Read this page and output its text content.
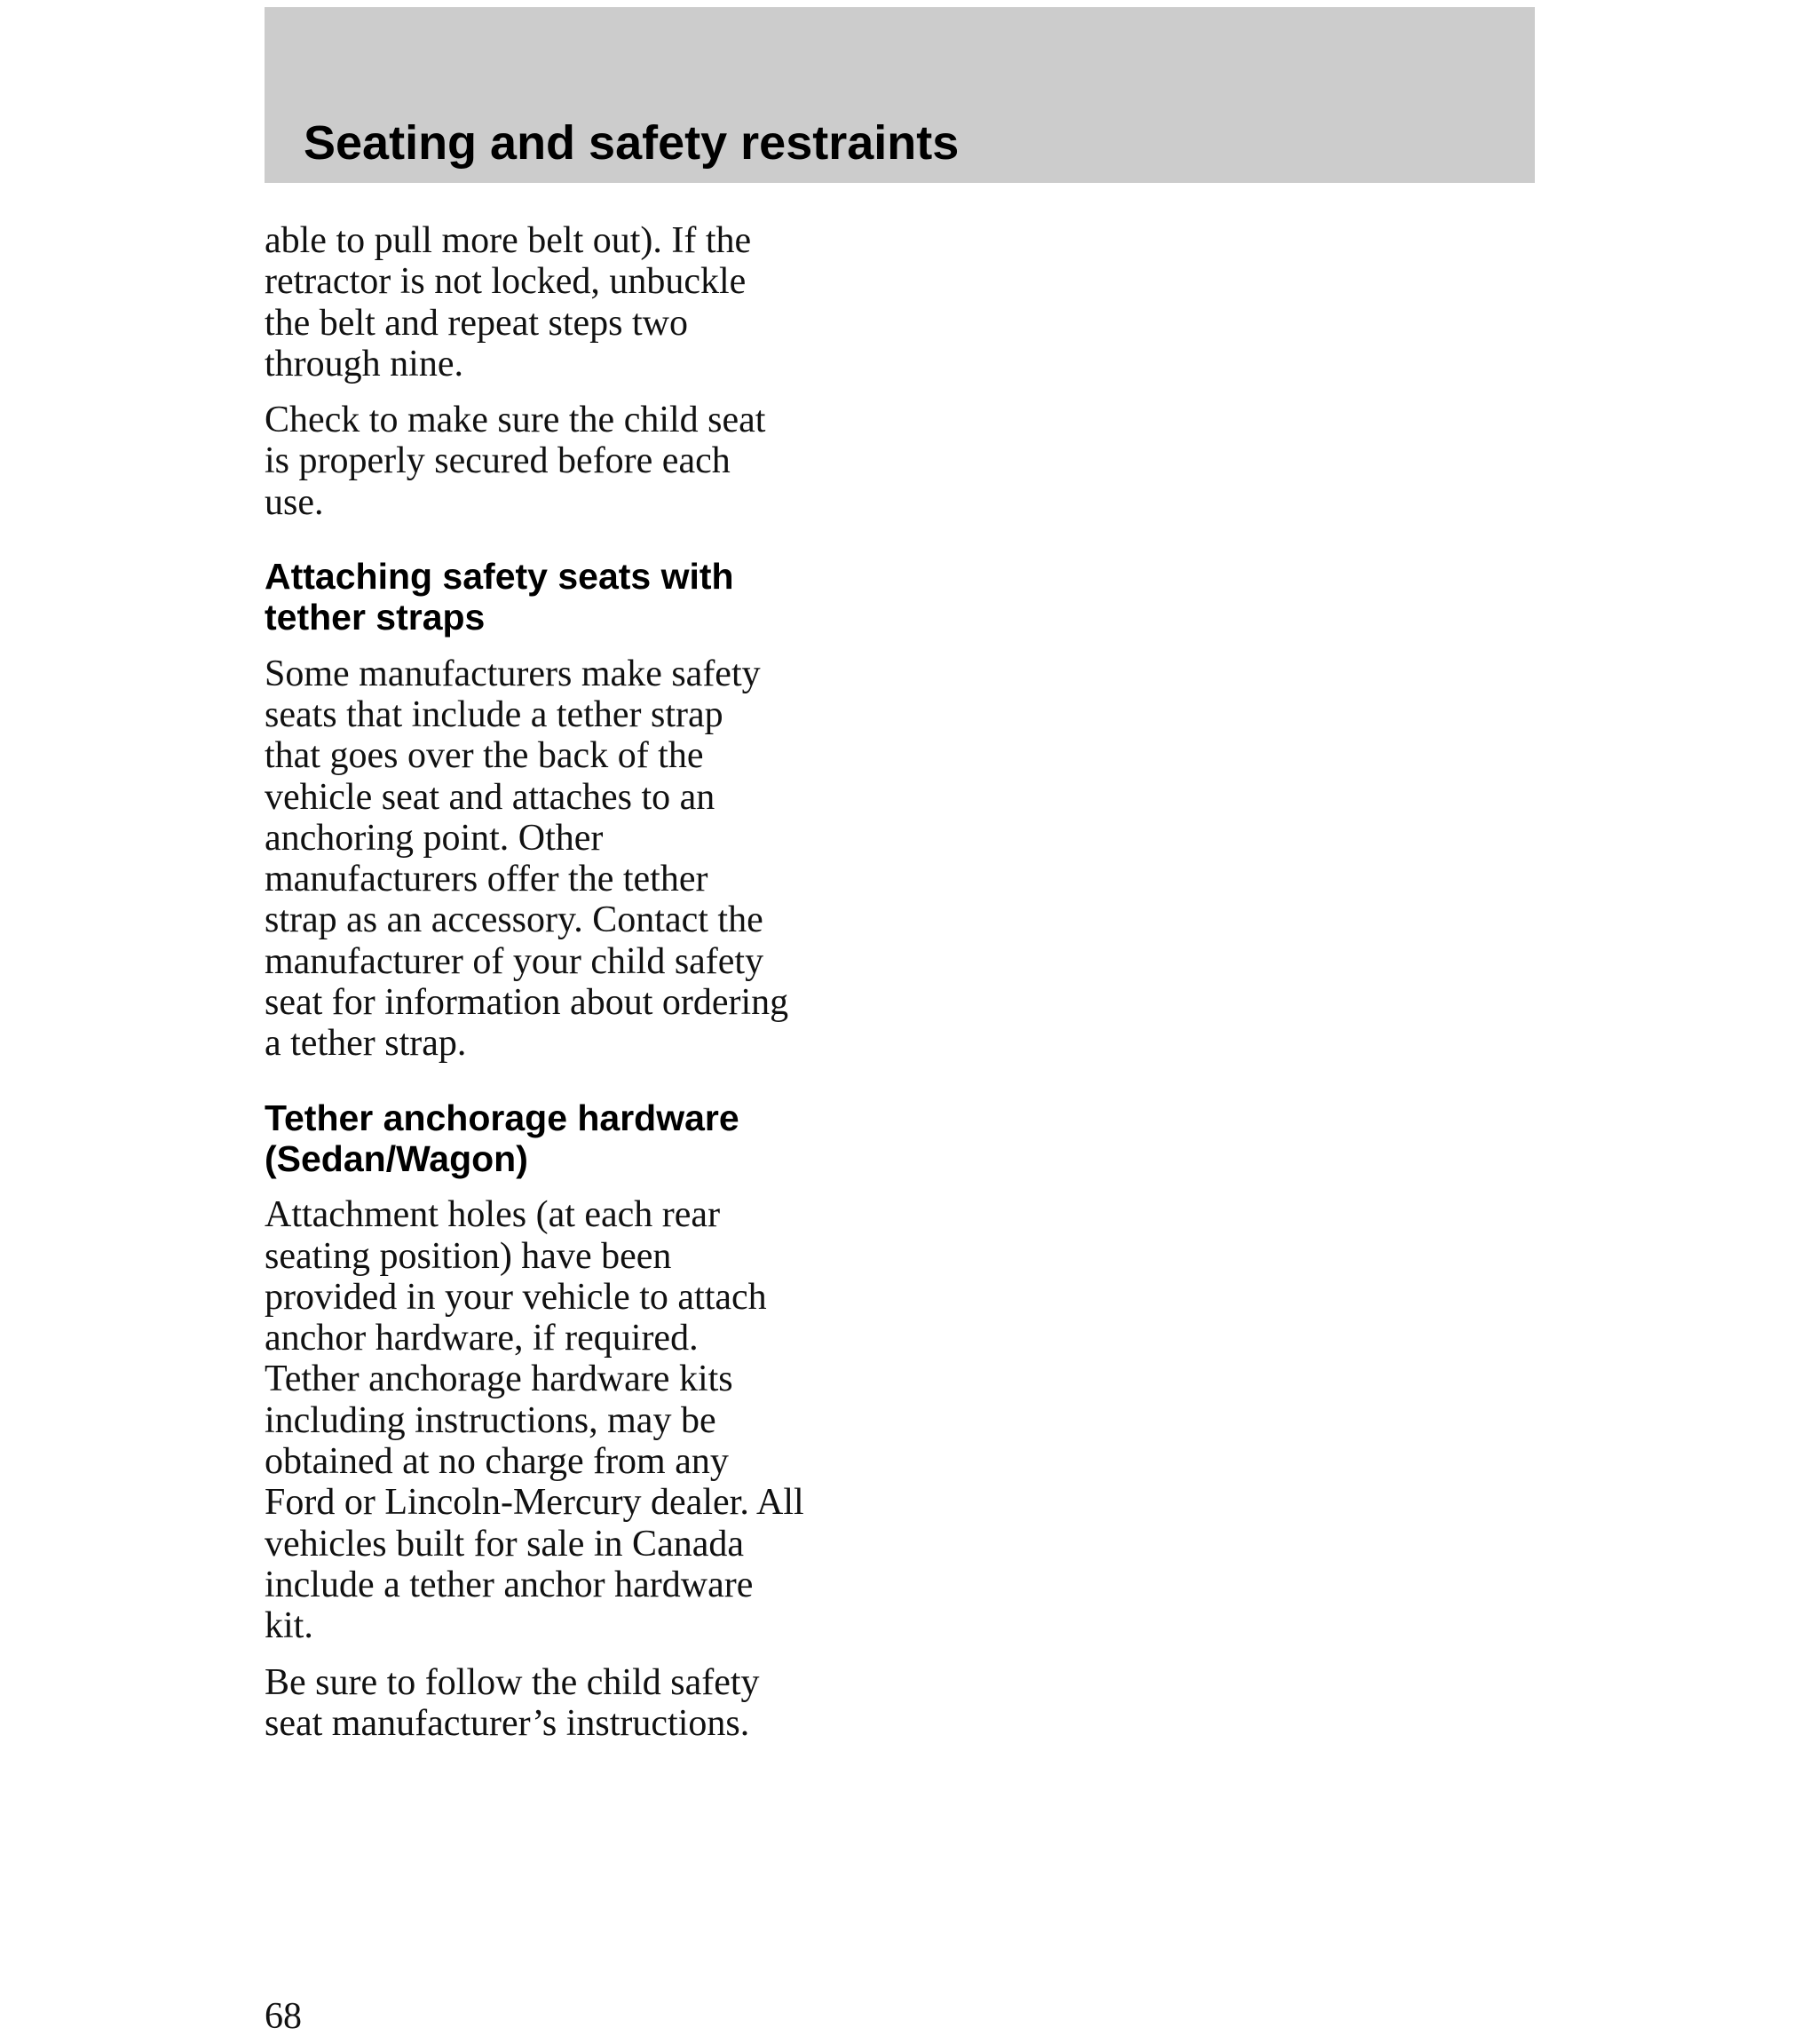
Seating and safety restraints

able to pull more belt out). If the
retractor is not locked, unbuckle
the belt and repeat steps two
through nine.

Check to make sure the child seat
is properly secured before each
use.

Attaching safety seats with
tether straps

Some manufacturers make safety
seats that include a tether strap
that goes over the back of the
vehicle seat and attaches to an
anchoring point. Other
manufacturers offer the tether
strap as an accessory. Contact the
manufacturer of your child safety
seat for information about ordering
a tether strap.

Tether anchorage hardware
(Sedan/Wagon)

Attachment holes (at each rear
seating position) have been
provided in your vehicle to attach
anchor hardware, if required.
Tether anchorage hardware kits
including instructions, may be
obtained at no charge from any
Ford or Lincoln-Mercury dealer. All
vehicles built for sale in Canada
include a tether anchor hardware
kit.

Be sure to follow the child safety
seat manufacturer’s instructions.

68
